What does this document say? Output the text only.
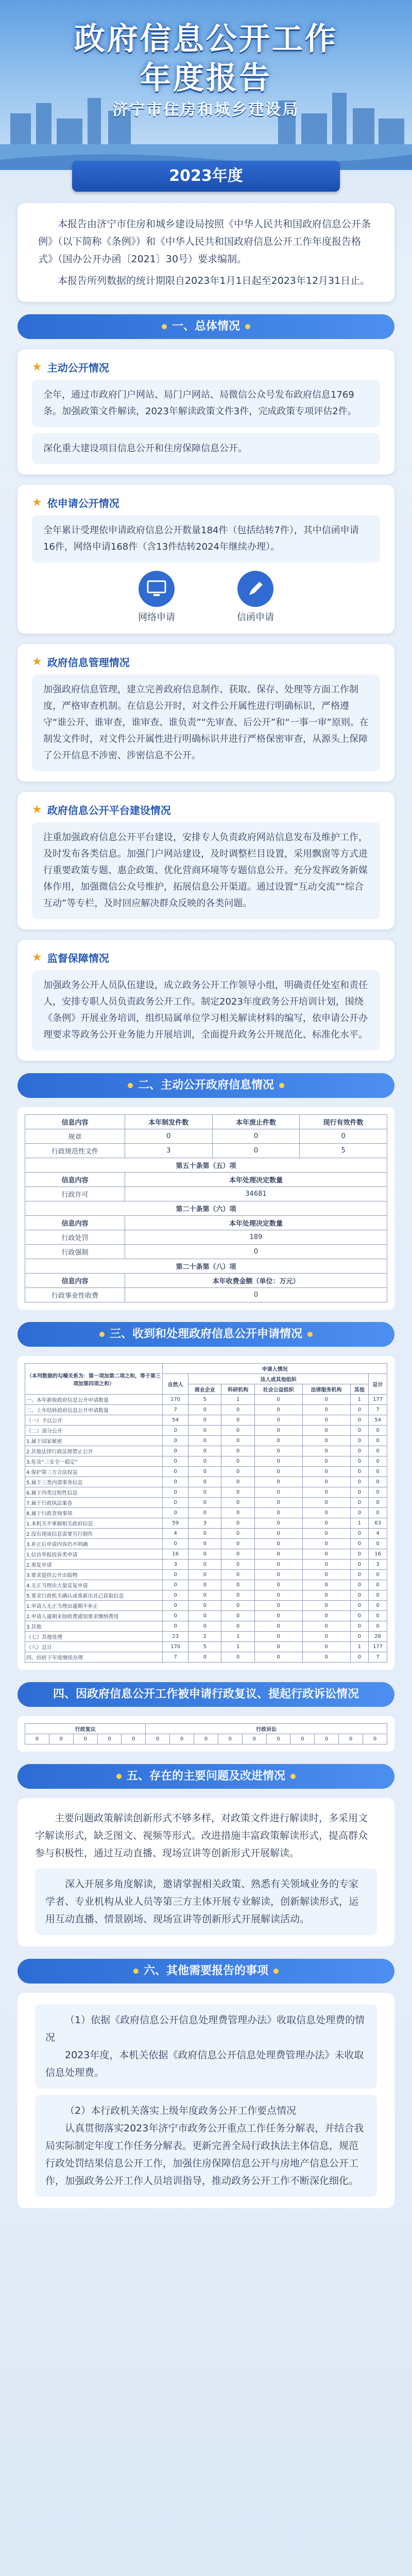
政府信息公开工作
年度报告
济宁市住房和城乡建设局
2023年度

本报告由济宁市住房和城乡建设局按照《中华人民共和国政府信息公开条例》（以下简称《条例》）和《中华人民共和国政府信息公开工作年度报告格式》（国办公开办函〔2021〕30号）要求编制。

本报告所列数据的统计期限自2023年1月1日起至2023年12月31日止。

一、总体情况
★ 主动公开情况
全年，通过市政府门户网站、局门户网站、局微信公众号发布政府信息1769条。加强政策文件解读，2023年解读政策文件3件，完成政策专项评估2件。
深化重大建设项目信息公开和住房保障信息公开。
★ 依申请公开情况
全年累计受理依申请政府信息公开数量184件（包括结转7件），其中信函申请16件，网络申请168件（含13件结转2024年继续办理）。
网络申请	信函申请
★ 政府信息管理情况
加强政府信息管理，建立完善政府信息制作、获取、保存、处理等方面工作制度，严格审查机制。在信息公开时，对文件公开属性进行明确标识，严格遵守“谁公开、谁审查，谁审查、谁负责”“先审查、后公开”和“一事一审”原则。在制发文件时，对文件公开属性进行明确标识并进行严格保密审查，从源头上保障了公开信息不涉密、涉密信息不公开。
★ 政府信息公开平台建设情况
注重加强政府信息公开平台建设，安排专人负责政府网站信息发布及维护工作，及时发布各类信息。加强门户网站建设，及时调整栏目设置，采用飘窗等方式进行重要政策专题、惠企政策、优化营商环境等专题信息公开。充分发挥政务新媒体作用，加强微信公众号维护，拓展信息公开渠道。通过设置“互动交流”“综合互动”等专栏，及时回应解决群众反映的各类问题。
★ 监督保障情况
加强政务公开人员队伍建设，成立政务公开工作领导小组，明确责任处室和责任人，安排专职人员负责政务公开工作。制定2023年度政务公开培训计划，围绕《条例》开展业务培训，组织局属单位学习相关解读材料的编写，依申请公开办理要求等政务公开业务能力开展培训，全面提升政务公开规范化、标准化水平。
二、主动公开政府信息情况
信息内容	本年制发件数	本年废止件数	现行有效件数
规章	0	0	0
行政规范性文件	3	0	5
第五十条第（五）项			
信息内容	本年处理决定数量		
行政许可	34681		
第二十条第（六）项			
信息内容	本年处理决定数量		
行政处罚	189		
行政强制	0		
第二十条第（八）项			
信息内容	本年收费金额（单位：万元）		
行政事业性收费	0		
三、收到和处理政府信息公开申请情况
（本列数据的勾稽关系为：第一项加第二项之和，等于第三项加第四项之和）	申请人情况						
	自然人	法人或其他组织					总计
		商业企业	科研机构	社会公益组织	法律服务机构	其他	
一、本年新收政府信息公开申请数量	170	5	1	0	0	1	177
二、上年结转政府信息公开申请数量	7	0	0	0	0	0	7
（一）予以公开	54	0	0	0	0	0	54
（二）部分公开	0	0	0	0	0	0	0
1.属于国家秘密	0	0	0	0	0	0	0
2.其他法律行政法规禁止公开	0	0	0	0	0	0	0
3.危及“三安全一稳定”	0	0	0	0	0	0	0
4.保护第三方合法权益	0	0	0	0	0	0	0
5.属于三类内部事务信息	0	0	0	0	0	0	0
6.属于四类过程性信息	0	0	0	0	0	0	0
7.属于行政执法案卷	0	0	0	0	0	0	0
8.属于行政查询事项	0	0	0	0	0	0	0
1.本机关不掌握相关政府信息	59	3	0	0	0	1	63
2.没有现成信息需要另行制作	4	0	0	0	0	0	4
3.补正后申请内容仍不明确	0	0	0	0	0	0	0
1.信访举报投诉类申请	16	0	0	0	0	0	16
2.重复申请	3	0	0	0	0	0	3
3.要求提供公开出版物	0	0	0	0	0	0	0
4.无正当理由大量反复申请	0	0	0	0	0	0	0
5.要求行政机关确认或重新出具已获取信息	0	0	0	0	0	0	0
1.申请人无正当理由逾期不补正	0	0	0	0	0	0	0
2.申请人逾期未按收费通知要求缴纳费用	0	0	0	0	0	0	0
3.其他	0	0	0	0	0	0	0
（七）其他处理	23	2	1	0	0	0	26
（八）总计	170	5	1	0	0	1	177
四、结转下年度继续办理	7	0	0	0	0	0	7
四、因政府信息公开工作被申请行政复议、提起行政诉讼情况
行政复议					行政诉讼									
0	0	0	0	0	0	0	0	0	0	0	0	0	0	0
五、存在的主要问题及改进情况

主要问题政策解读创新形式不够多样，对政策文件进行解读时，多采用文字解读形式，缺乏图文、视频等形式。改进措施丰富政策解读形式，提高群众参与积极性，通过互动直播、现场宣讲等创新形式开展解读。

深入开展多角度解读，邀请掌握相关政策、熟悉有关领域业务的专家学者、专业机构从业人员等第三方主体开展专业解读，创新解读形式，运用互动直播、情景剧场、现场宣讲等创新形式开展解读活动。

六、其他需要报告的事项

（1）依据《政府信息公开信息处理费管理办法》收取信息处理费的情况

2023年度，本机关依据《政府信息公开信息处理费管理办法》未收取信息处理费。

（2）本行政机关落实上级年度政务公开工作要点情况

认真贯彻落实2023年济宁市政务公开重点工作任务分解表，并结合我局实际制定年度工作任务分解表。更新完善全局行政执法主体信息，规范行政处罚结果信息公开工作，加强住房保障信息公开与房地产信息公开工作，加强政务公开工作人员培训指导，推动政务公开工作不断深化细化。
